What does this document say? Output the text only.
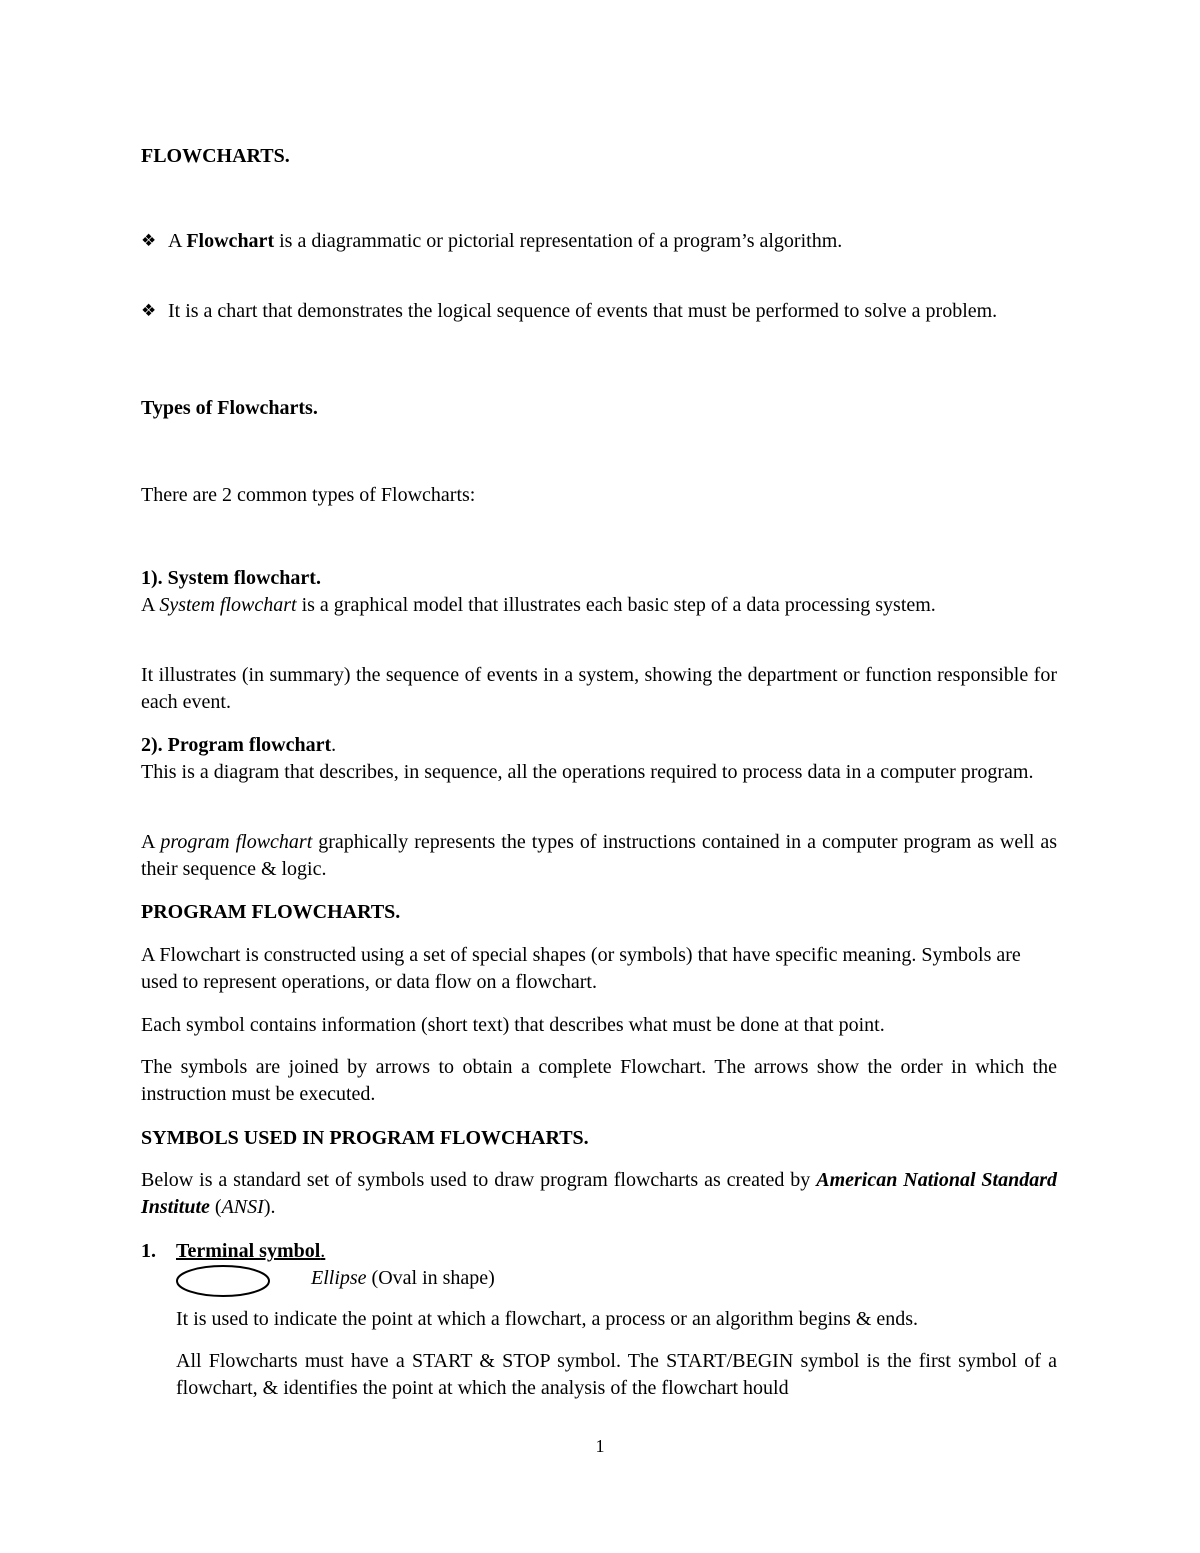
FLOWCHARTS.

❖ A Flowchart is a diagrammatic or pictorial representation of a program’s algorithm.
❖ It is a chart that demonstrates the logical sequence of events that must be performed to solve a problem.

Types of Flowcharts.

There are 2 common types of Flowcharts:

1). System flowchart.

A System flowchart is a graphical model that illustrates each basic step of a data processing system.

It illustrates (in summary) the sequence of events in a system, showing the department or function responsible for each event.

2). Program flowchart.

This is a diagram that describes, in sequence, all the operations required to process data in a computer program.

A program flowchart graphically represents the types of instructions contained in a computer program as well as their sequence & logic.

PROGRAM FLOWCHARTS.

A Flowchart is constructed using a set of special shapes (or symbols) that have specific meaning. Symbols are used to represent operations, or data flow on a flowchart.

Each symbol contains information (short text) that describes what must be done at that point.

The symbols are joined by arrows to obtain a complete Flowchart. The arrows show the order in which the instruction must be executed.

SYMBOLS USED IN PROGRAM FLOWCHARTS.

Below is a standard set of symbols used to draw program flowcharts as created by American National Standard Institute (ANSI).

1. Terminal symbol.

Ellipse (Oval in shape)

It is used to indicate the point at which a flowchart, a process or an algorithm begins & ends.

All Flowcharts must have a START & STOP symbol. The START/BEGIN symbol is the first symbol of a flowchart, & identifies the point at which the analysis of the flowchart hould

1
